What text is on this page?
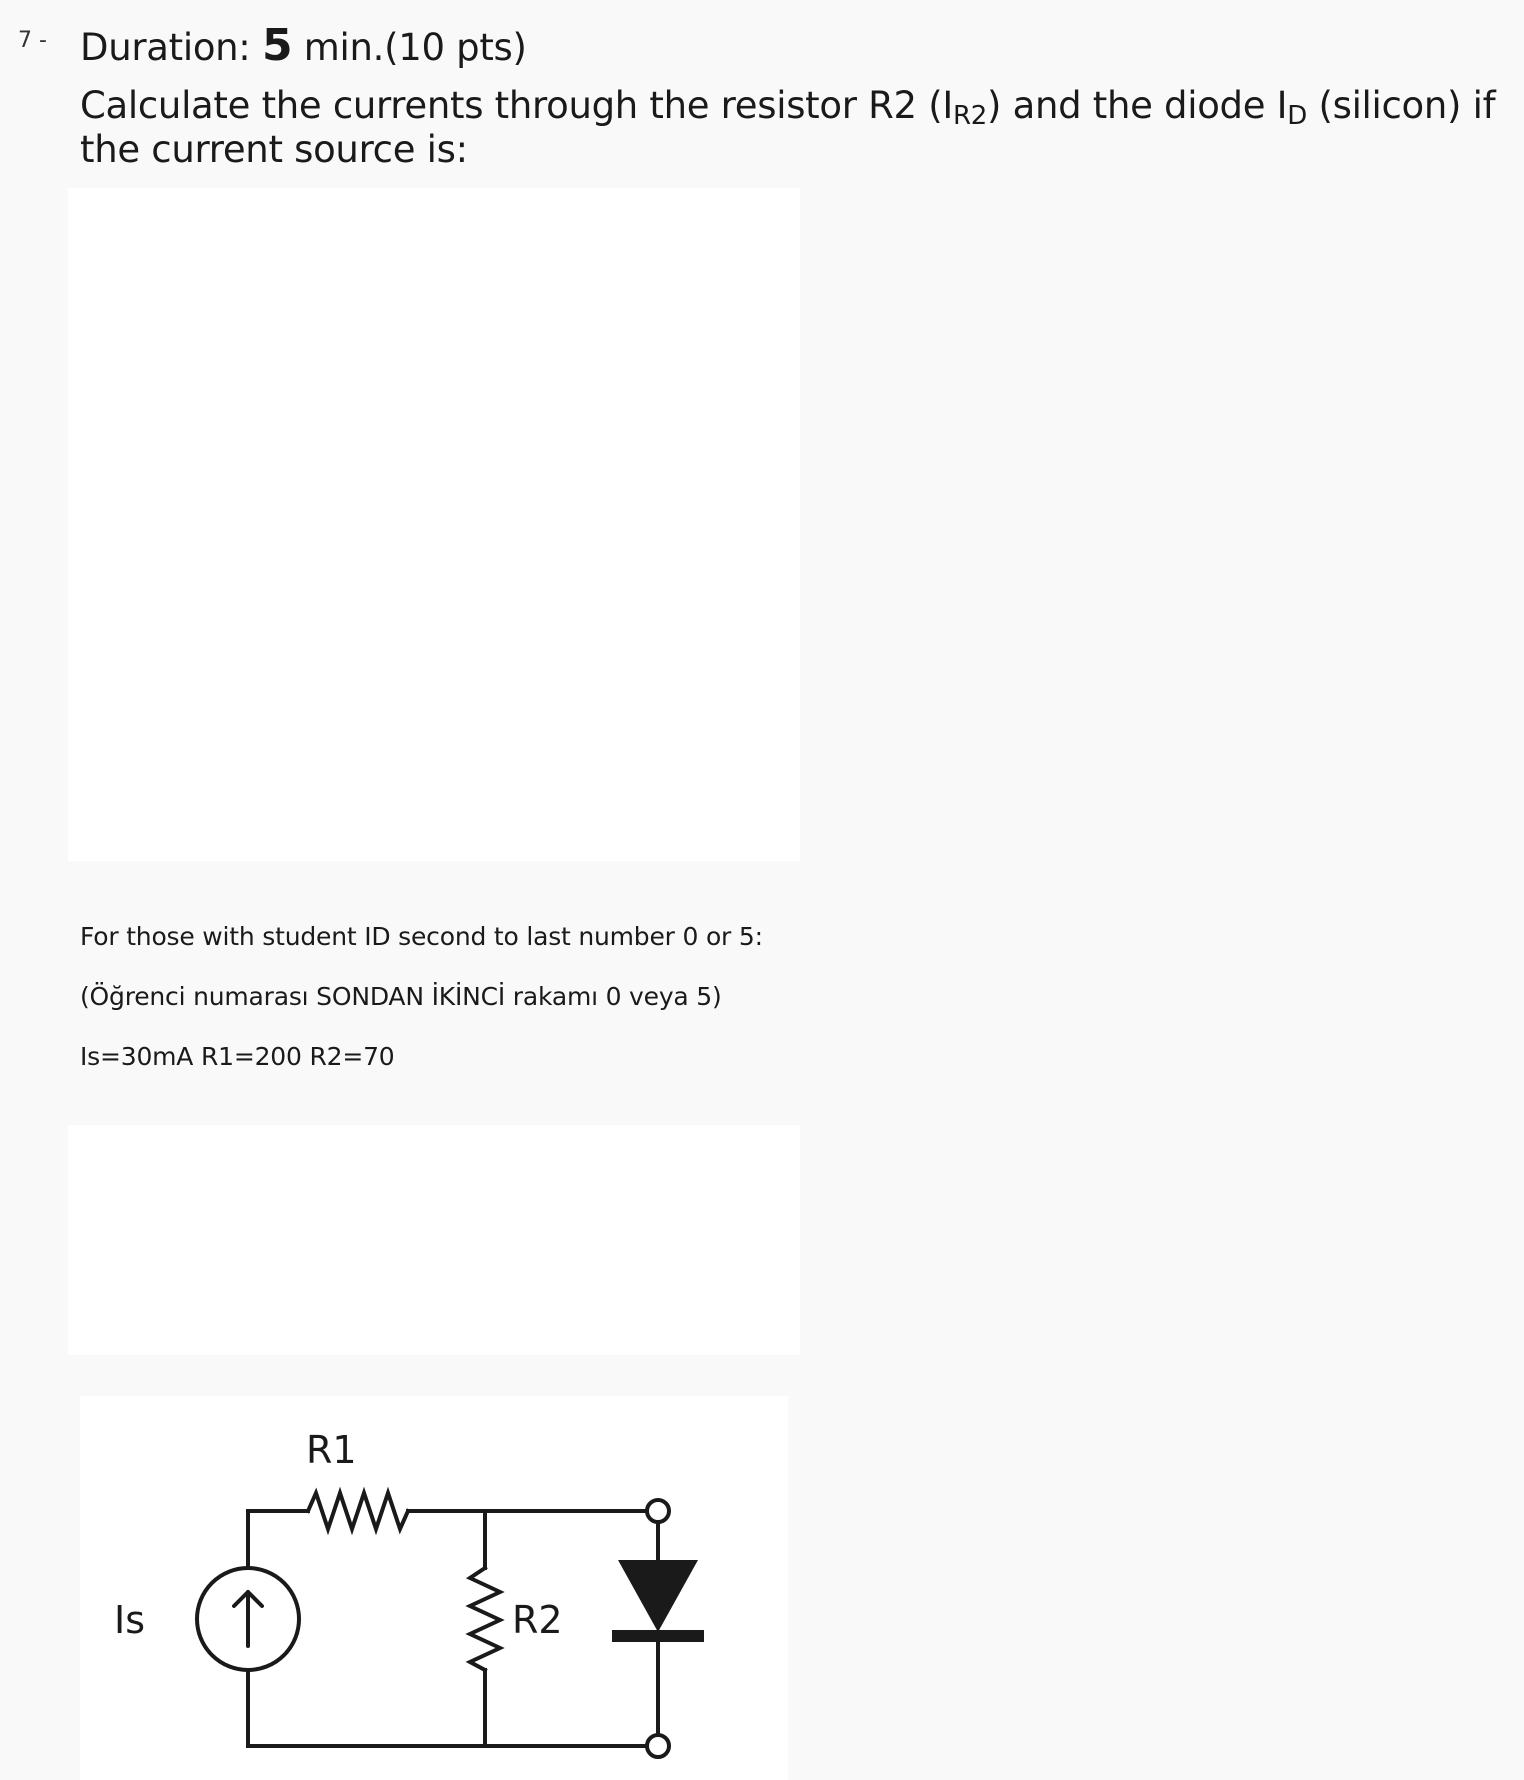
7 - Duration: 5 min.(10 pts)
Calculate the currents through the resistor R2 $(I_{R2})$ and the diode $I_D$ (silicon) if the current source is:
For those with student ID second to last number 0 or 5:
(Öğrenci numarası SONDAN İKİNCİ rakamı 0 veya 5)
Is=30mA R1=200 R2=70
R1
Is	R2
